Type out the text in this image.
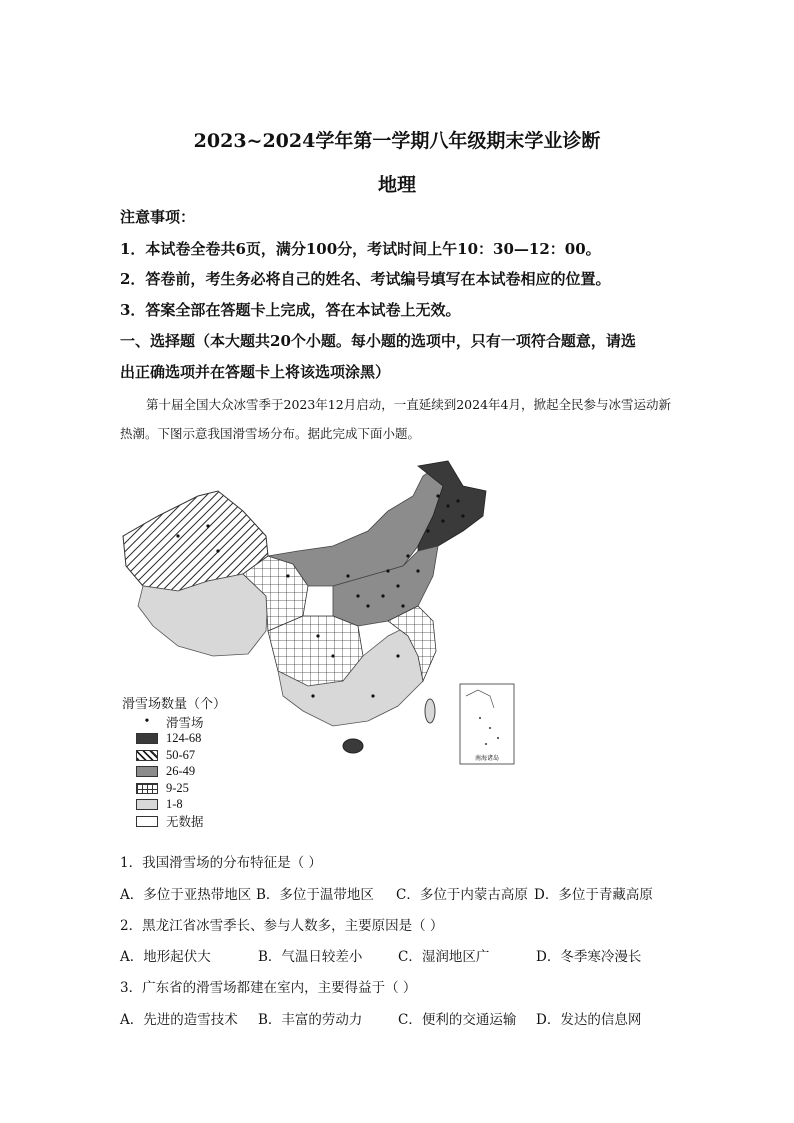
2023~2024学年第一学期八年级期末学业诊断
地理
注意事项：
1．本试卷全卷共6页，满分100分，考试时间上午10：30—12：00。
2．答卷前，考生务必将自己的姓名、考试编号填写在本试卷相应的位置。
3．答案全部在答题卡上完成，答在本试卷上无效。
一、选择题（本大题共20个小题。每小题的选项中，只有一项符合题意，请选
出正确选项并在答题卡上将该选项涂黑）
第十届全国大众冰雪季于2023年12月启动，一直延续到2024年4月，掀起全民参与冰雪运动新热潮。下图示意我国滑雪场分布。据此完成下面小题。
南海诸岛
滑雪场数量（个）
•	滑雪场
124-68
50-67
26-49
9-25
1-8
无数据
1．我国滑雪场的分布特征是（ ）
A．多位于亚热带地区 B．多位于温带地区 C．多位于内蒙古高原 D．多位于青藏高原
2．黑龙江省冰雪季长、参与人数多，主要原因是（ ）
A．地形起伏大	B．气温日较差小	C．湿润地区广	D．冬季寒冷漫长
3．广东省的滑雪场都建在室内，主要得益于（ ）
A．先进的造雪技术 B．丰富的劳动力	C．便利的交通运输 D．发达的信息网
